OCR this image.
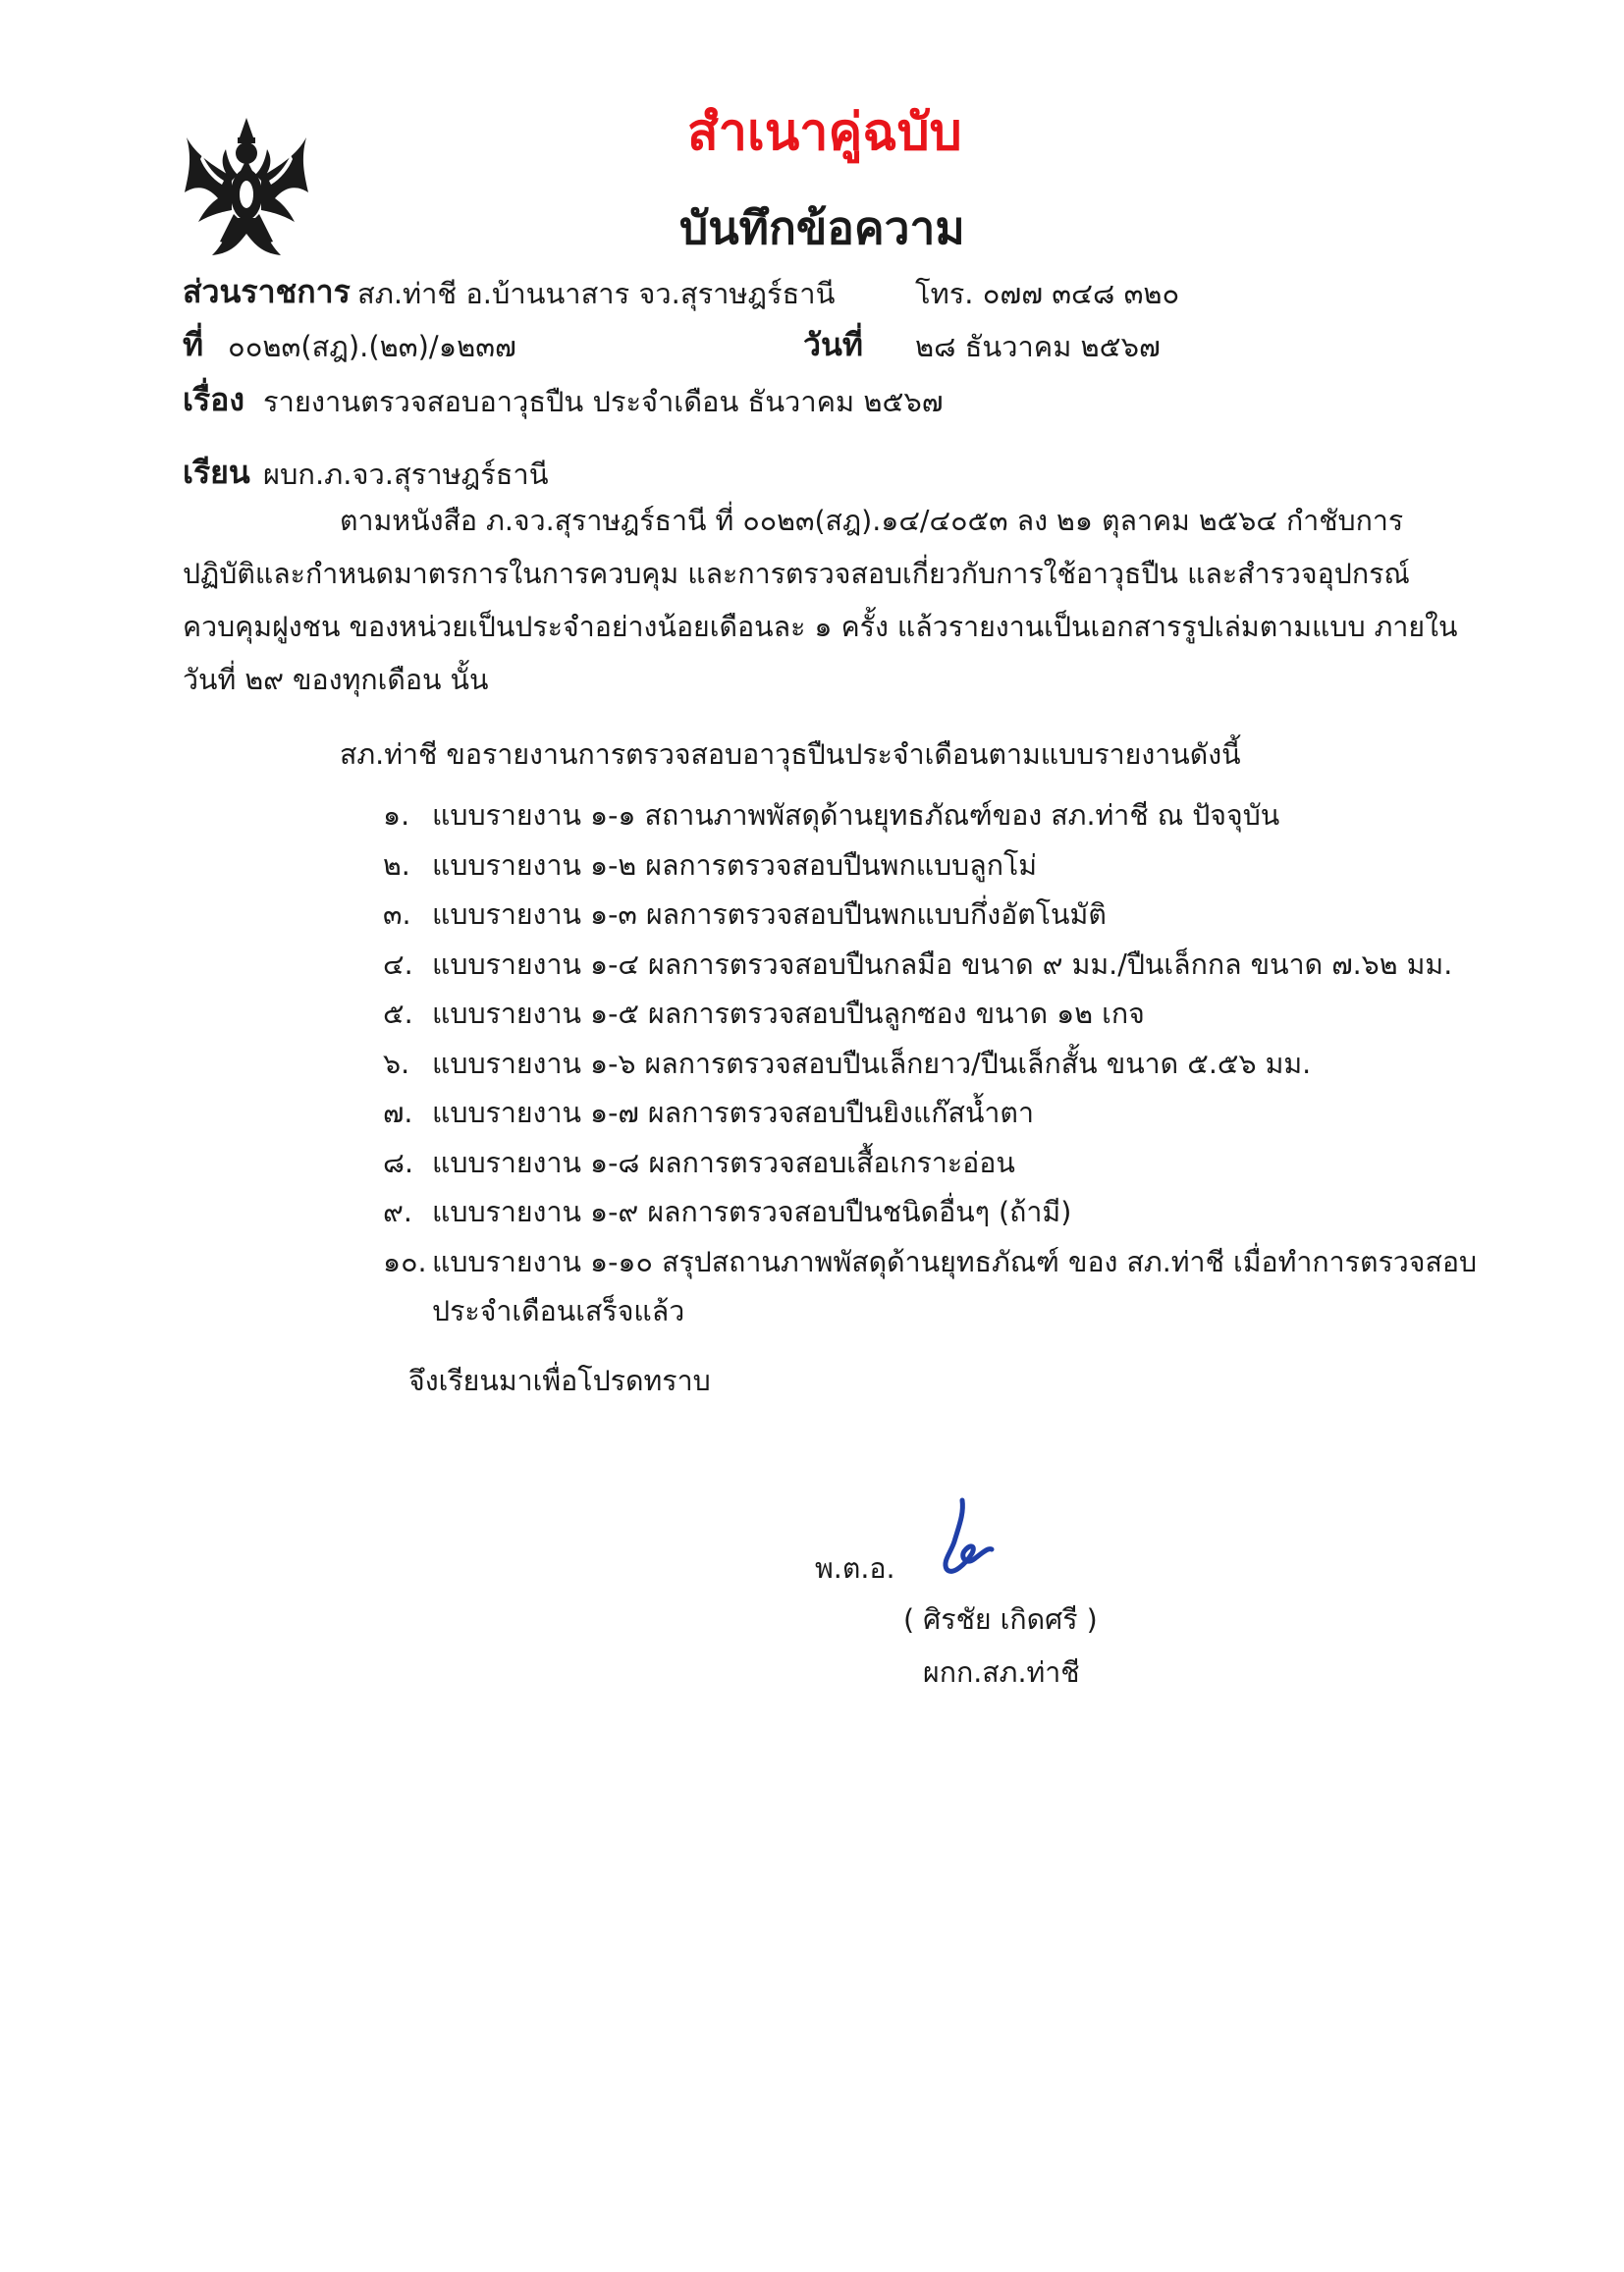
สำเนาคู่ฉบับ
บันทึกข้อความ
ส่วนราชการ สภ.ท่าชี อ.บ้านนาสาร จว.สุราษฎร์ธานี	โทร. ๐๗๗ ๓๔๘ ๓๒๐
ที่ ๐๐๒๓(สฎ).(๒๓)/๑๒๓๗	วันที่ ๒๘ ธันวาคม ๒๕๖๗
เรื่อง รายงานตรวจสอบอาวุธปืน ประจำเดือน ธันวาคม ๒๕๖๗
เรียน ผบก.ภ.จว.สุราษฎร์ธานี
ตามหนังสือ ภ.จว.สุราษฎร์ธานี ที่ ๐๐๒๓(สฎ).๑๔/๔๐๕๓ ลง ๒๑ ตุลาคม ๒๕๖๔ กำชับการ
ปฏิบัติและกำหนดมาตรการในการควบคุม และการตรวจสอบเกี่ยวกับการใช้อาวุธปืน และสำรวจอุปกรณ์
ควบคุมฝูงชน ของหน่วยเป็นประจำอย่างน้อยเดือนละ ๑ ครั้ง แล้วรายงานเป็นเอกสารรูปเล่มตามแบบ ภายใน
วันที่ ๒๙ ของทุกเดือน นั้น
สภ.ท่าชี ขอรายงานการตรวจสอบอาวุธปืนประจำเดือนตามแบบรายงานดังนี้
๑. แบบรายงาน ๑-๑ สถานภาพพัสดุด้านยุทธภัณฑ์ของ สภ.ท่าชี ณ ปัจจุบัน
๒. แบบรายงาน ๑-๒ ผลการตรวจสอบปืนพกแบบลูกโม่
๓. แบบรายงาน ๑-๓ ผลการตรวจสอบปืนพกแบบกึ่งอัตโนมัติ
๔. แบบรายงาน ๑-๔ ผลการตรวจสอบปืนกลมือ ขนาด ๙ มม./ปืนเล็กกล ขนาด ๗.๖๒ มม.
๕. แบบรายงาน ๑-๕ ผลการตรวจสอบปืนลูกซอง ขนาด ๑๒ เกจ
๖. แบบรายงาน ๑-๖ ผลการตรวจสอบปืนเล็กยาว/ปืนเล็กสั้น ขนาด ๕.๕๖ มม.
๗. แบบรายงาน ๑-๗ ผลการตรวจสอบปืนยิงแก๊สน้ำตา
๘. แบบรายงาน ๑-๘ ผลการตรวจสอบเสื้อเกราะอ่อน
๙. แบบรายงาน ๑-๙ ผลการตรวจสอบปืนชนิดอื่นๆ (ถ้ามี)
๑๐. แบบรายงาน ๑-๑๐ สรุปสถานภาพพัสดุด้านยุทธภัณฑ์ ของ สภ.ท่าชี เมื่อทำการตรวจสอบ
ประจำเดือนเสร็จแล้ว
จึงเรียนมาเพื่อโปรดทราบ
พ.ต.อ.
( ศิรชัย เกิดศรี )
ผกก.สภ.ท่าชี
